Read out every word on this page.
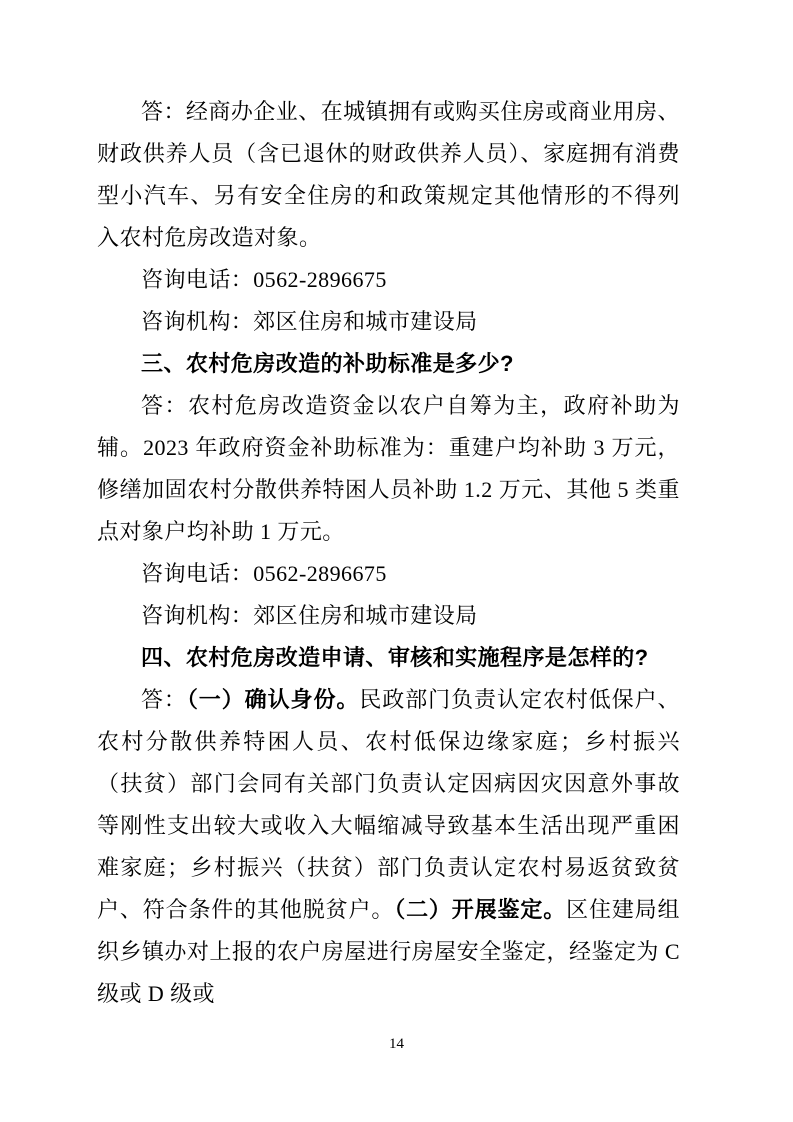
答：经商办企业、在城镇拥有或购买住房或商业用房、财政供养人员（含已退休的财政供养人员）、家庭拥有消费型小汽车、另有安全住房的和政策规定其他情形的不得列入农村危房改造对象。

咨询电话：0562-2896675

咨询机构：郊区住房和城市建设局

三、农村危房改造的补助标准是多少?

答：农村危房改造资金以农户自筹为主，政府补助为辅。2023 年政府资金补助标准为：重建户均补助 3 万元，修缮加固农村分散供养特困人员补助 1.2 万元、其他 5 类重点对象户均补助 1 万元。

咨询电话：0562-2896675

咨询机构：郊区住房和城市建设局

四、农村危房改造申请、审核和实施程序是怎样的?

答：（一）确认身份。民政部门负责认定农村低保户、农村分散供养特困人员、农村低保边缘家庭；乡村振兴（扶贫）部门会同有关部门负责认定因病因灾因意外事故等刚性支出较大或收入大幅缩减导致基本生活出现严重困难家庭；乡村振兴（扶贫）部门负责认定农村易返贫致贫户、符合条件的其他脱贫户。（二）开展鉴定。区住建局组织乡镇办对上报的农户房屋进行房屋安全鉴定，经鉴定为 C 级或 D 级或

14
